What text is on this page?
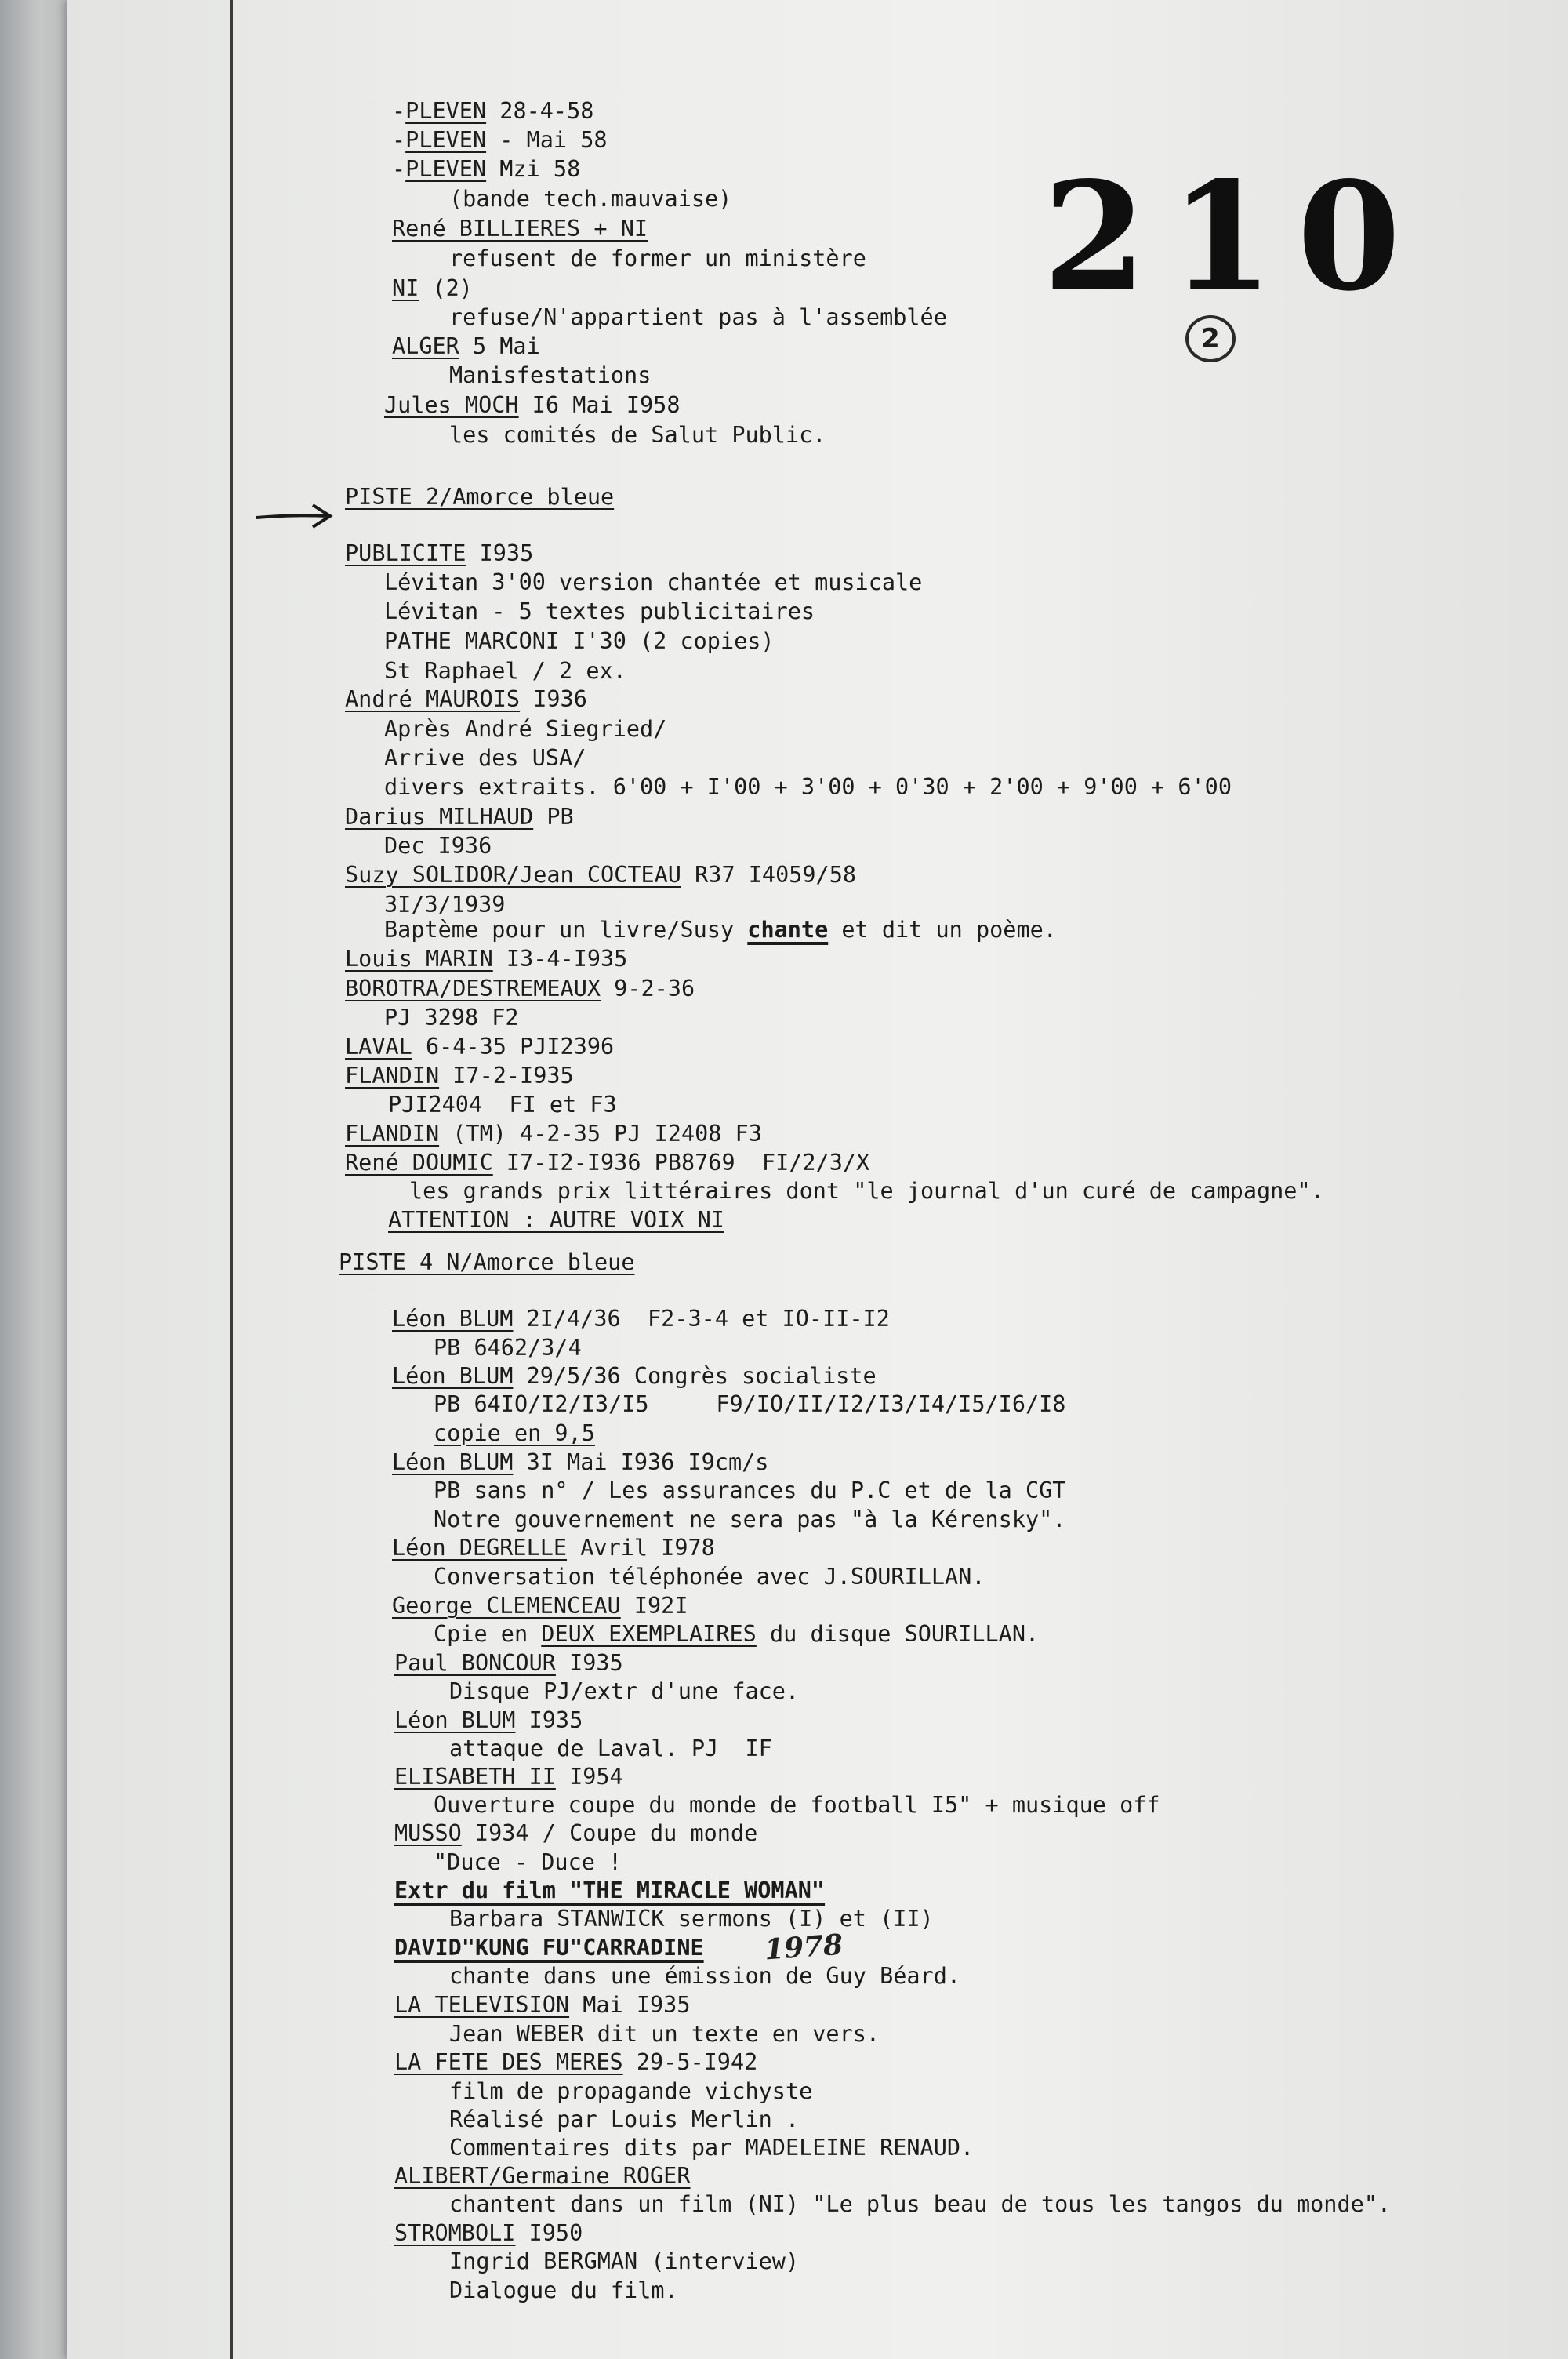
210
2
1978
-PLEVEN 28-4-58
-PLEVEN - Mai 58
-PLEVEN Mzi 58
(bande tech.mauvaise)
René BILLIERES + NI
refusent de former un ministère
NI (2)
refuse/N'appartient pas à l'assemblée
ALGER 5 Mai
Manisfestations
Jules MOCH I6 Mai I958
les comités de Salut Public.
PISTE 2/Amorce bleue
PUBLICITE I935
Lévitan 3'00 version chantée et musicale
Lévitan - 5 textes publicitaires
PATHE MARCONI I'30 (2 copies)
St Raphael / 2 ex.
André MAUROIS I936
Après André Siegried/
Arrive des USA/
divers extraits. 6'00 + I'00 + 3'00 + 0'30 + 2'00 + 9'00 + 6'00
Darius MILHAUD PB
Dec I936
Suzy SOLIDOR/Jean COCTEAU R37 I4059/58
3I/3/1939
Baptème pour un livre/Susy chante et dit un poème.
Louis MARIN I3-4-I935
BOROTRA/DESTREMEAUX 9-2-36
PJ 3298 F2
LAVAL 6-4-35 PJI2396
FLANDIN I7-2-I935
PJI2404  FI et F3
FLANDIN (TM) 4-2-35 PJ I2408 F3
René DOUMIC I7-I2-I936 PB8769  FI/2/3/X
les grands prix littéraires dont "le journal d'un curé de campagne".
ATTENTION : AUTRE VOIX NI
PISTE 4 N/Amorce bleue
Léon BLUM 2I/4/36  F2-3-4 et IO-II-I2
PB 6462/3/4
Léon BLUM 29/5/36 Congrès socialiste
PB 64IO/I2/I3/I5     F9/IO/II/I2/I3/I4/I5/I6/I8
copie en 9,5
Léon BLUM 3I Mai I936 I9cm/s
PB sans n° / Les assurances du P.C et de la CGT
Notre gouvernement ne sera pas "à la Kérensky".
Léon DEGRELLE Avril I978
Conversation téléphonée avec J.SOURILLAN.
George CLEMENCEAU I92I
Cpie en DEUX EXEMPLAIRES du disque SOURILLAN.
Paul BONCOUR I935
Disque PJ/extr d'une face.
Léon BLUM I935
attaque de Laval. PJ  IF
ELISABETH II I954
Ouverture coupe du monde de football I5" + musique off
MUSSO I934 / Coupe du monde
"Duce - Duce !
Extr du film "THE MIRACLE WOMAN"
Barbara STANWICK sermons (I) et (II)
DAVID"KUNG FU"CARRADINE
chante dans une émission de Guy Béard.
LA TELEVISION Mai I935
Jean WEBER dit un texte en vers.
LA FETE DES MERES 29-5-I942
film de propagande vichyste
Réalisé par Louis Merlin .
Commentaires dits par MADELEINE RENAUD.
ALIBERT/Germaine ROGER
chantent dans un film (NI) "Le plus beau de tous les tangos du monde".
STROMBOLI I950
Ingrid BERGMAN (interview)
Dialogue du film.
